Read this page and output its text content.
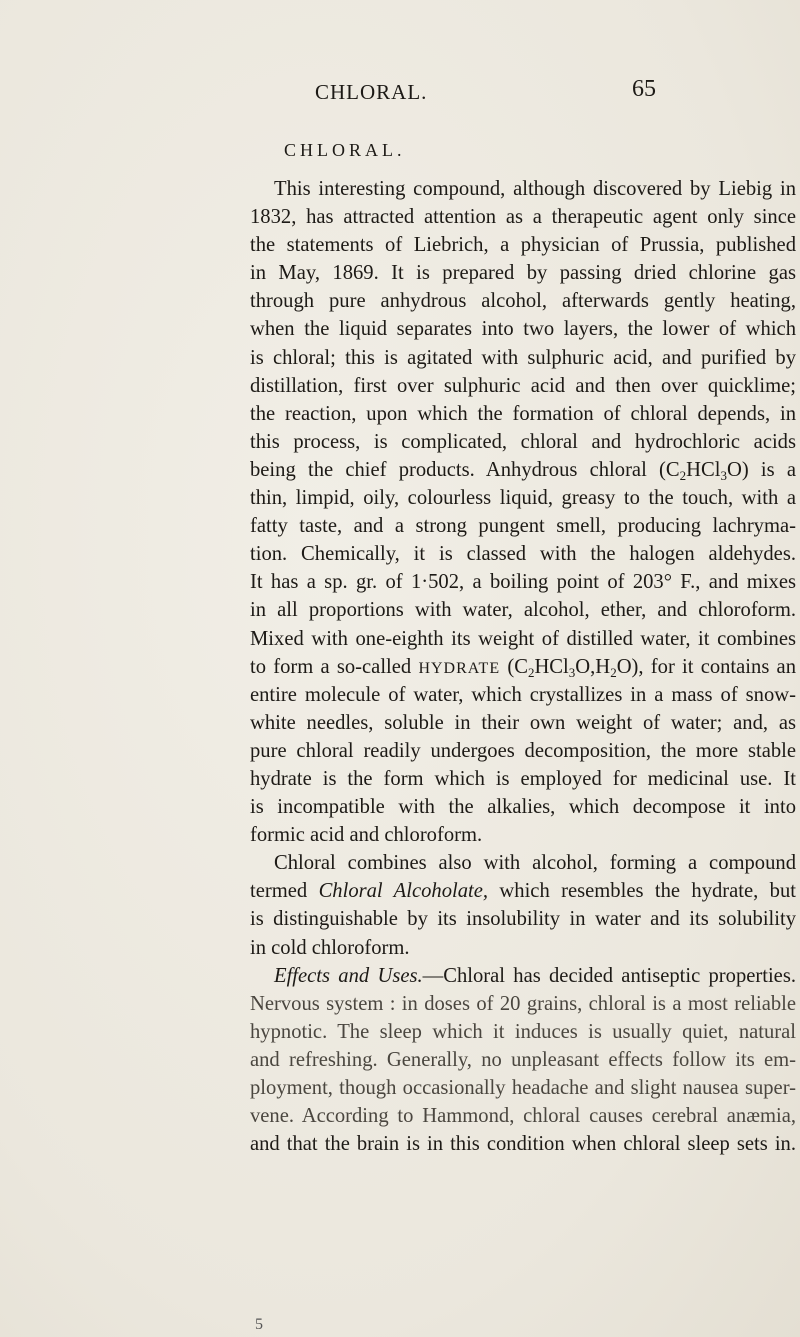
CHLORAL.	65
CHLORAL.
This interesting compound, although discovered by Liebig in
1832, has attracted attention as a therapeutic agent only since
the statements of Liebrich, a physician of Prussia, published
in May, 1869. It is prepared by passing dried chlorine gas
through pure anhydrous alcohol, afterwards gently heating,
when the liquid separates into two layers, the lower of which
is chloral; this is agitated with sulphuric acid, and purified by
distillation, first over sulphuric acid and then over quicklime;
the reaction, upon which the formation of chloral depends, in
this process, is complicated, chloral and hydrochloric acids
being the chief products. Anhydrous chloral $(C_2HCl_3O)$ is a
thin, limpid, oily, colourless liquid, greasy to the touch, with a
fatty taste, and a strong pungent smell, producing lachryma-
tion. Chemically, it is classed with the halogen aldehydes.
It has a sp. gr. of 1·502, a boiling point of 203° F., and mixes
in all proportions with water, alcohol, ether, and chloroform.
Mixed with one-eighth its weight of distilled water, it combines
to form a so-called HYDRATE $(C_2HCl_3O,H_2O)$, for it contains an
entire molecule of water, which crystallizes in a mass of snow-
white needles, soluble in their own weight of water; and, as
pure chloral readily undergoes decomposition, the more stable
hydrate is the form which is employed for medicinal use. It
is incompatible with the alkalies, which decompose it into
formic acid and chloroform.
Chloral combines also with alcohol, forming a compound
termed Chloral Alcoholate, which resembles the hydrate, but
is distinguishable by its insolubility in water and its solubility
in cold chloroform.
Effects and Uses.—Chloral has decided antiseptic properties.
Nervous system : in doses of 20 grains, chloral is a most reliable
hypnotic. The sleep which it induces is usually quiet, natural
and refreshing. Generally, no unpleasant effects follow its em-
ployment, though occasionally headache and slight nausea super-
vene. According to Hammond, chloral causes cerebral anæmia,
and that the brain is in this condition when chloral sleep sets in.
5
